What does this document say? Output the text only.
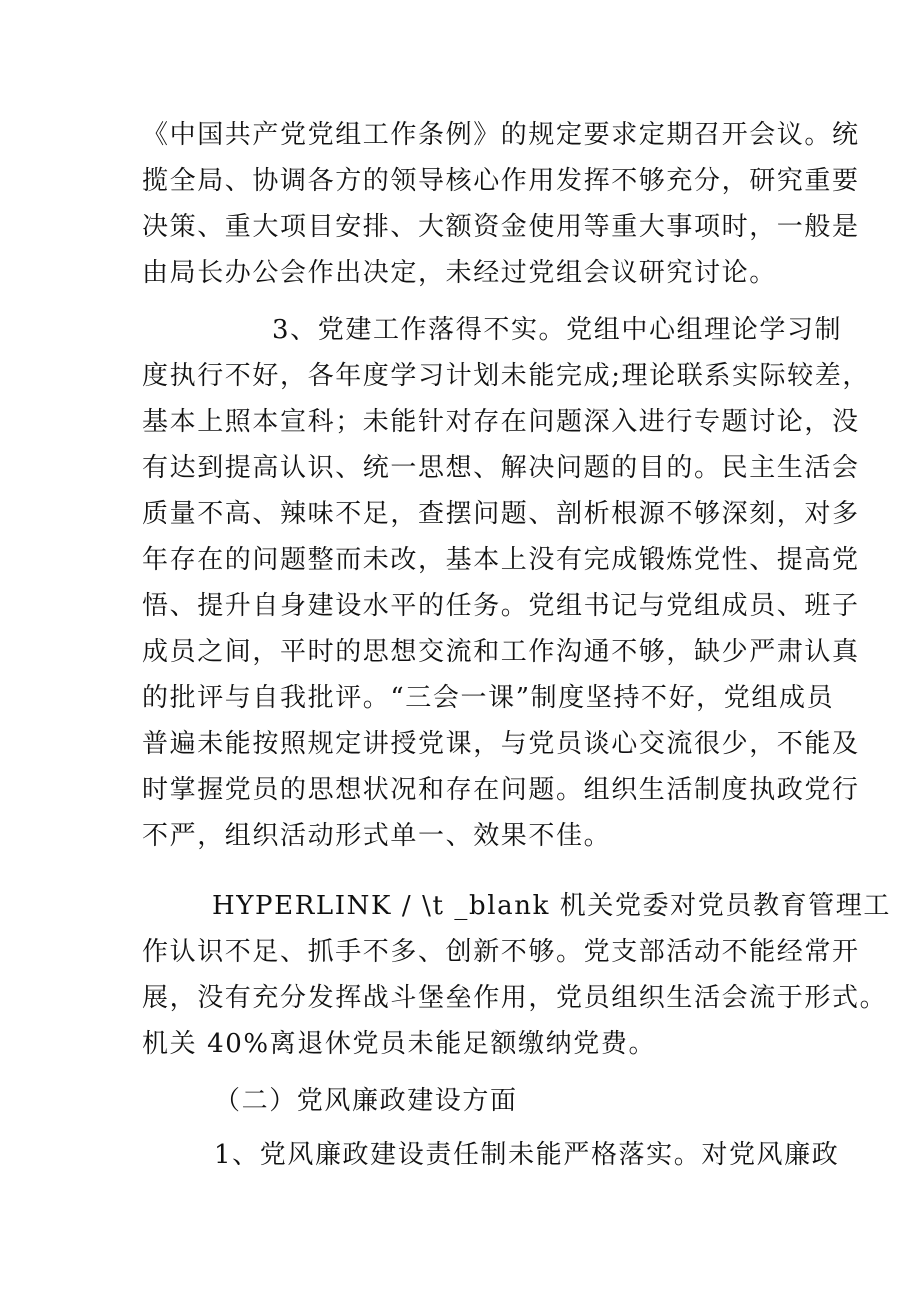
《中国共产党党组工作条例》的规定要求定期召开会议。统
揽全局、协调各方的领导核心作用发挥不够充分，研究重要
决策、重大项目安排、大额资金使用等重大事项时，一般是
由局长办公会作出决定，未经过党组会议研究讨论。
3、党建工作落得不实。党组中心组理论学习制
度执行不好，各年度学习计划未能完成;理论联系实际较差，
基本上照本宣科；未能针对存在问题深入进行专题讨论，没
有达到提高认识、统一思想、解决问题的目的。民主生活会
质量不高、辣味不足，查摆问题、剖析根源不够深刻，对多
年存在的问题整而未改，基本上没有完成锻炼党性、提高党
悟、提升自身建设水平的任务。党组书记与党组成员、班子
成员之间，平时的思想交流和工作沟通不够，缺少严肃认真
的批评与自我批评。“三会一课”制度坚持不好，党组成员
普遍未能按照规定讲授党课，与党员谈心交流很少，不能及
时掌握党员的思想状况和存在问题。组织生活制度执政党行
不严，组织活动形式单一、效果不佳。
HYPERLINK / \t _blank 机关党委对党员教育管理工
作认识不足、抓手不多、创新不够。党支部活动不能经常开
展，没有充分发挥战斗堡垒作用，党员组织生活会流于形式。
机关 40%离退休党员未能足额缴纳党费。
（二）党风廉政建设方面
1、党风廉政建设责任制未能严格落实。对党风廉政
